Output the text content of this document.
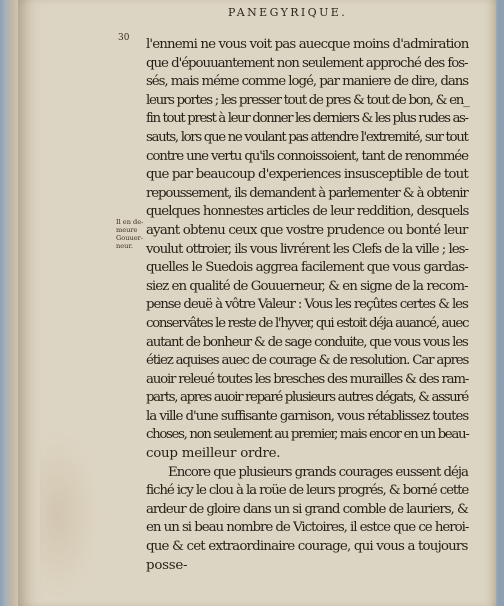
PANEGYRIQUE.
30
Il en de-
meure
Gouuer-
neur.
l'ennemi ne vous voit pas auecque moins d'admiration
que d'épouuantement non seulement approché des fos-
sés, mais méme comme logé, par maniere de dire, dans
leurs portes ; les presser tout de pres & tout de bon, & en_
fin tout prest à leur donner les derniers & les plus rudes as-
sauts, lors que ne voulant pas attendre l'extremité, sur tout
contre une vertu qu'ils connoissoient, tant de renommée
que par beaucoup d'experiences insusceptible de tout
repoussement, ils demandent à parlementer & à obtenir
quelques honnestes articles de leur reddition, desquels
ayant obtenu ceux que vostre prudence ou bonté leur
voulut ottroier, ils vous livrérent les Clefs de la ville ; les-
quelles le Suedois aggrea facilement que vous gardas-
siez en qualité de Gouuerneur, & en signe de la recom-
pense deuë à vôtre Valeur : Vous les reçûtes certes & les
conservâtes le reste de l'hyver, qui estoit déja auancé, auec
autant de bonheur & de sage conduite, que vous vous les
étiez aquises auec de courage & de resolution. Car apres
auoir releué toutes les bresches des murailles & des ram-
parts, apres auoir reparé plusieurs autres dégats, & assuré
la ville d'une suffisante garnison, vous rétablissez toutes
choses, non seulement au premier, mais encor en un beau-
coup meilleur ordre.
Encore que plusieurs grands courages eussent déja
fiché icy le clou à la roüe de leurs progrés, & borné cette
ardeur de gloire dans un si grand comble de lauriers, &
en un si beau nombre de Victoires, il estce que ce heroi-
que & cet extraordinaire courage, qui vous a toujours
posse-
